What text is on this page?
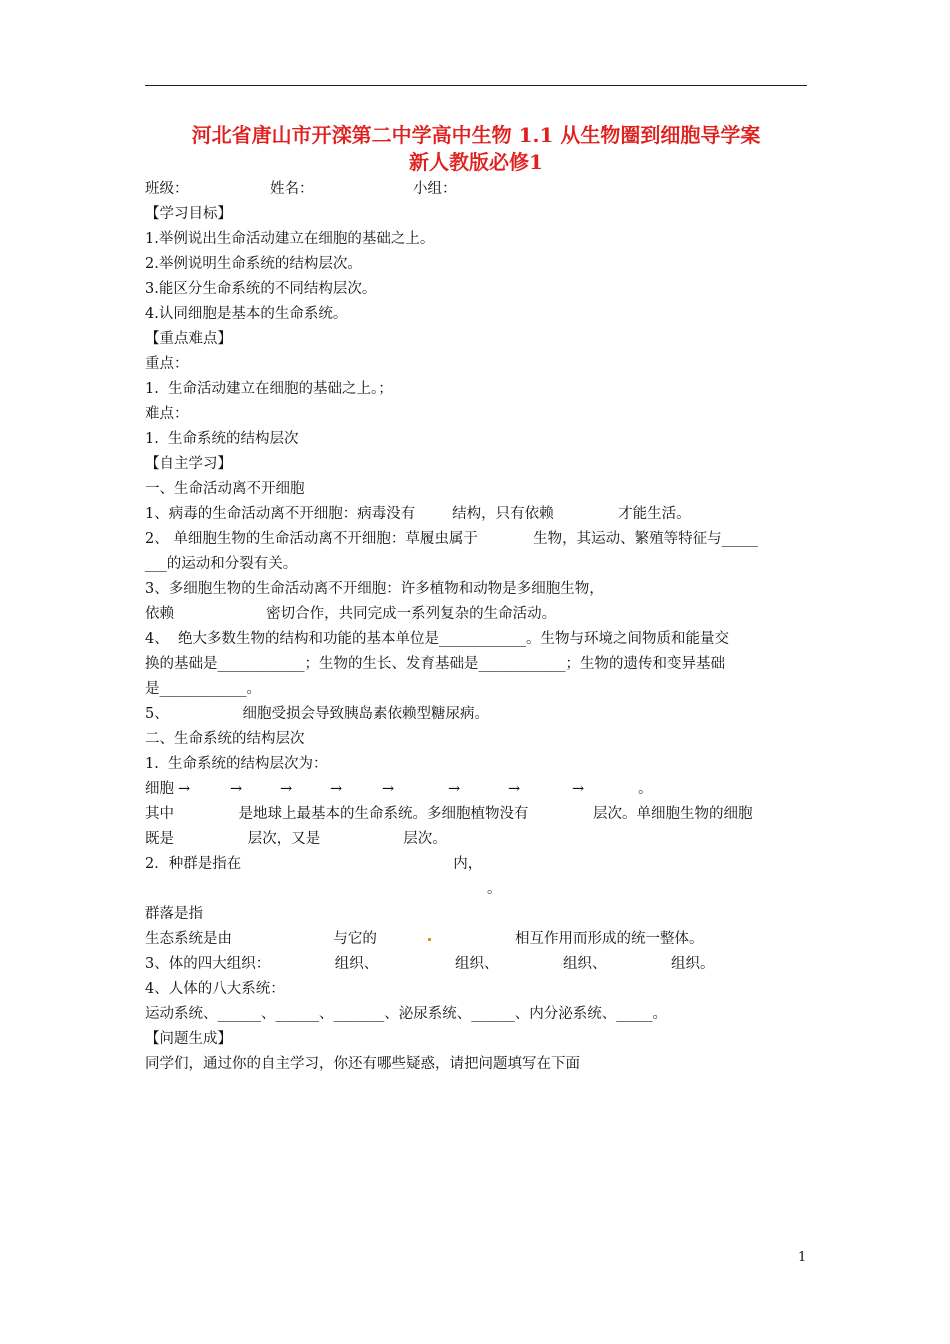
河北省唐山市开滦第二中学高中生物 1.1 从生物圈到细胞导学案
新人教版必修1
班级：	姓名：	小组：
【学习目标】
1.举例说出生命活动建立在细胞的基础之上。
2.举例说明生命系统的结构层次。
3.能区分生命系统的不同结构层次。
4.认同细胞是基本的生命系统。
【重点难点】
重点：
1.  生命活动建立在细胞的基础之上。；
难点：
1.  生命系统的结构层次
【自主学习】
一、生命活动离不开细胞
1、病毒的生命活动离不开细胞：病毒没有        结构，只有依赖              才能生活。
2、 单细胞生物的生命活动离不开细胞：草履虫属于            生物，其运动、繁殖等特征与_____
___的运动和分裂有关。
3、多细胞生物的生命活动离不开细胞：许多植物和动物是多细胞生物，
依赖                    密切合作，共同完成一系列复杂的生命活动。
4、  绝大多数生物的结构和功能的基本单位是____________。生物与环境之间物质和能量交
换的基础是____________；生物的生长、发育基础是____________；生物的遗传和变异基础
是____________。
5、                细胞受损会导致胰岛素依赖型糖尿病。
二、生命系统的结构层次
1.  生命系统的结构层次为：
细胞 →	→	→	→	→	→	→	→	。
其中              是地球上最基本的生命系统。多细胞植物没有              层次。单细胞生物的细胞
既是                层次，又是                  层次。
2．种群是指在                                              内，
。
群落是指
生态系统是由                      与它的	相互作用而形成的统一整体。
3、体的四大组织：              组织、	组织、              组织、              组织。
4、人体的八大系统：
运动系统、______、______、_______、泌尿系统、______、内分泌系统、_____。
【问题生成】
同学们，通过你的自主学习，你还有哪些疑惑，请把问题填写在下面
1
